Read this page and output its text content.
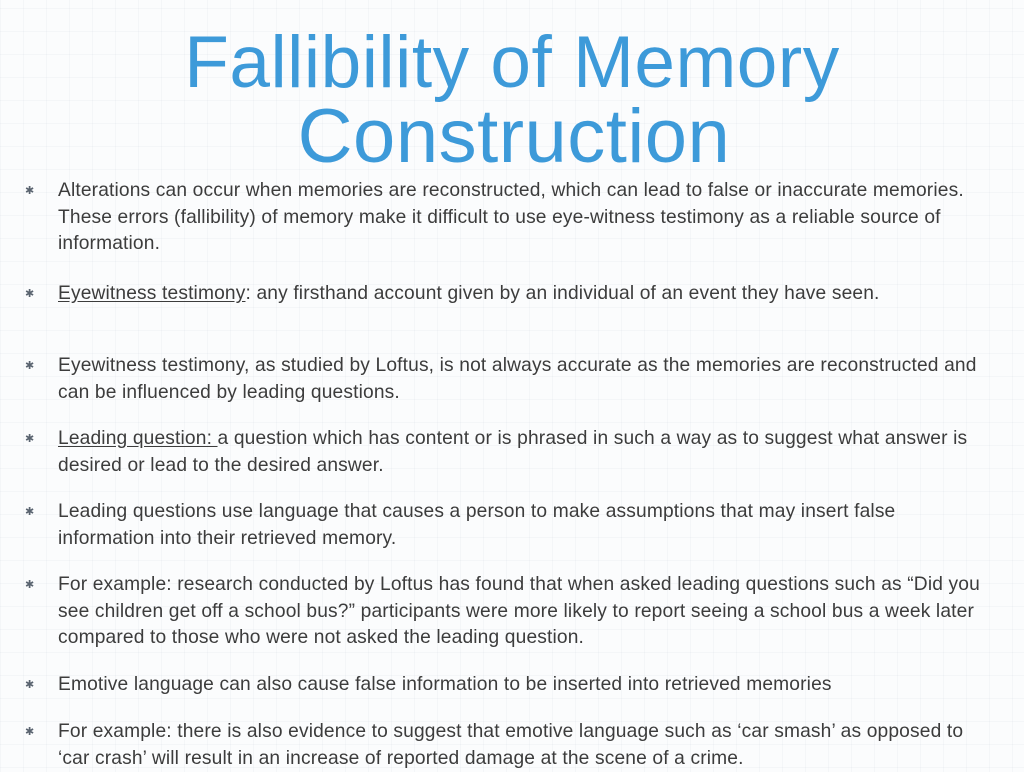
Fallibility of Memory
Construction
✱ Alterations can occur when memories are reconstructed, which can lead to false or inaccurate memories. These errors (fallibility) of memory make it difficult to use eye-witness testimony as a reliable source of information.
✱ Eyewitness testimony: any firsthand account given by an individual of an event they have seen.
✱ Eyewitness testimony, as studied by Loftus, is not always accurate as the memories are reconstructed and can be influenced by leading questions.
✱ Leading question: a question which has content or is phrased in such a way as to suggest what answer is desired or lead to the desired answer.
✱ Leading questions use language that causes a person to make assumptions that may insert false information into their retrieved memory.
✱ For example: research conducted by Loftus has found that when asked leading questions such as “Did you see children get off a school bus?” participants were more likely to report seeing a school bus a week later compared to those who were not asked the leading question.
✱ Emotive language can also cause false information to be inserted into retrieved memories
✱ For example: there is also evidence to suggest that emotive language such as ‘car smash’ as opposed to ‘car crash’ will result in an increase of reported damage at the scene of a crime.
